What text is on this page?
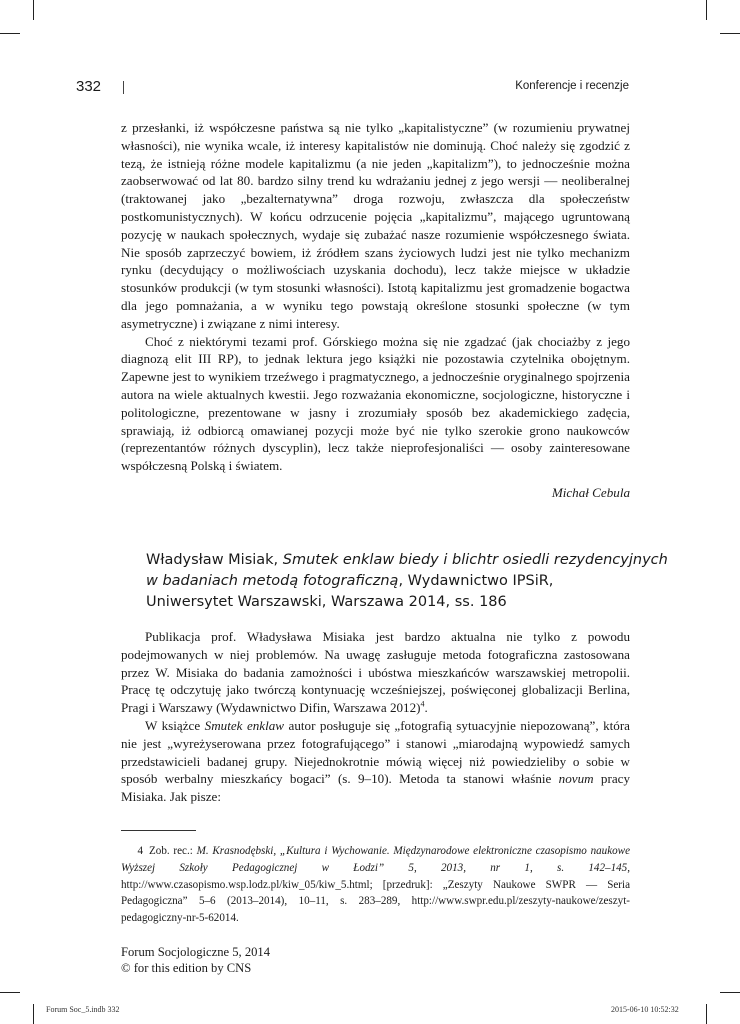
332	Konferencje i recenzje

z przesłanki, iż współczesne państwa są nie tylko „kapitalistyczne” (w rozumieniu prywatnej własności), nie wynika wcale, iż interesy kapitalistów nie dominują. Choć należy się zgodzić z tezą, że istnieją różne modele kapitalizmu (a nie jeden „kapitalizm”), to jednocześnie można zaobserwować od lat 80. bardzo silny trend ku wdrażaniu jednej z jego wersji — neoliberalnej (traktowanej jako „bezalternatywna” droga rozwoju, zwłaszcza dla społeczeństw postkomunistycznych). W końcu odrzucenie pojęcia „kapitalizmu”, mającego ugruntowaną pozycję w naukach społecznych, wydaje się zubażać nasze rozumienie współczesnego świata. Nie sposób zaprzeczyć bowiem, iż źródłem szans życiowych ludzi jest nie tylko mechanizm rynku (decydujący o możliwościach uzyskania dochodu), lecz także miejsce w układzie stosunków produkcji (w tym stosunki własności). Istotą kapitalizmu jest gromadzenie bogactwa dla jego pomnażania, a w wyniku tego powstają określone stosunki społeczne (w tym asymetryczne) i związane z nimi interesy.

Choć z niektórymi tezami prof. Górskiego można się nie zgadzać (jak chociażby z jego diagnozą elit III RP), to jednak lektura jego książki nie pozostawia czytelnika obojętnym. Zapewne jest to wynikiem trzeźwego i pragmatycznego, a jednocześnie oryginalnego spojrzenia autora na wiele aktualnych kwestii. Jego rozważania ekonomiczne, socjologiczne, historyczne i politologiczne, prezentowane w jasny i zrozumiały sposób bez akademickiego zadęcia, sprawiają, iż odbiorcą omawianej pozycji może być nie tylko szerokie grono naukowców (reprezentantów różnych dyscyplin), lecz także nieprofesjonaliści — osoby zainteresowane współczesną Polską i światem.

Michał Cebula

Władysław Misiak, Smutek enklaw biedy i blichtr osiedli rezydencyjnych
w badaniach metodą fotograficzną, Wydawnictwo IPSiR,
Uniwersytet Warszawski, Warszawa 2014, ss. 186

Publikacja prof. Władysława Misiaka jest bardzo aktualna nie tylko z powodu podejmowanych w niej problemów. Na uwagę zasługuje metoda fotograficzna zastosowana przez W. Misiaka do badania zamożności i ubóstwa mieszkańców warszawskiej metropolii. Pracę tę odczytuję jako twórczą kontynuację wcześniejszej, poświęconej globalizacji Berlina, Pragi i Warszawy (Wydawnictwo Difin, Warszawa 2012)$^4$.

W książce Smutek enklaw autor posługuje się „fotografią sytuacyjnie niepozowaną”, która nie jest „wyreżyserowana przez fotografującego” i stanowi „miarodajną wypowiedź samych przedstawicieli badanej grupy. Niejednokrotnie mówią więcej niż powiedzieliby o sobie w sposób werbalny mieszkańcy bogaci” (s. 9–10). Metoda ta stanowi właśnie novum pracy Misiaka. Jak pisze:

4 Zob. rec.: M. Krasnodębski, „Kultura i Wychowanie. Międzynarodowe elektroniczne czasopismo naukowe Wyższej Szkoły Pedagogicznej w Łodzi” 5, 2013, nr 1, s. 142–145, http://www.czasopismo.wsp.lodz.pl/kiw_05/kiw_5.html; [przedruk]: „Zeszyty Naukowe SWPR — Seria Pedagogiczna” 5–6 (2013–2014), 10–11, s. 283–289, http://www.swpr.edu.pl/zeszyty-naukowe/zeszyt-pedagogiczny-nr-5-62014.

Forum Socjologiczne 5, 2014
© for this edition by CNS
Forum Soc_5.indb 332	2015-06-10 10:52:32
